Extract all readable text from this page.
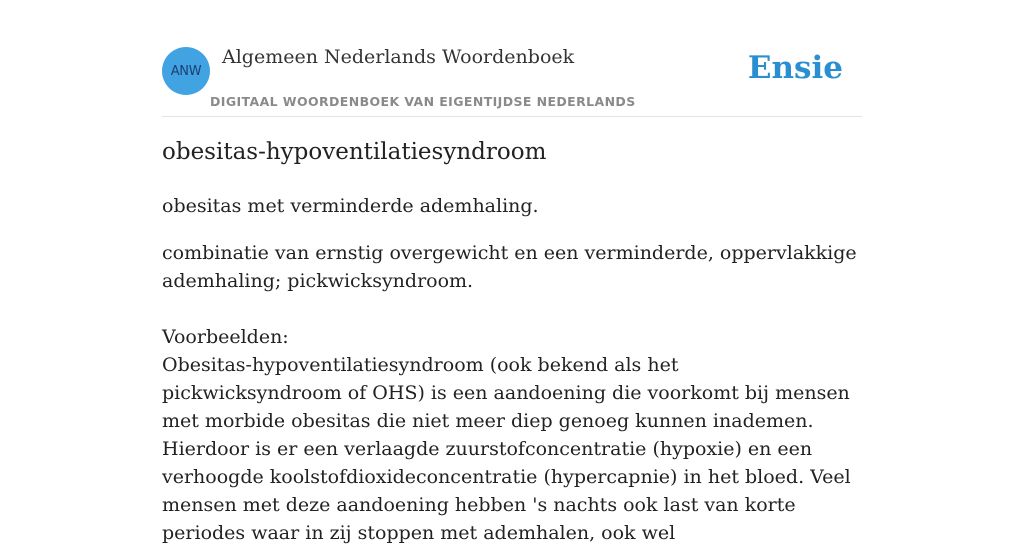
ANW
Algemeen Nederlands Woordenboek
DIGITAAL WOORDENBOEK VAN EIGENTIJDSE NEDERLANDS
Ensie
obesitas-hypoventilatiesyndroom
obesitas met verminderde ademhaling.
combinatie van ernstig overgewicht en een verminderde, oppervlakkige ademhaling; pickwicksyndroom.
Voorbeelden:
Obesitas-hypoventilatiesyndroom (ook bekend als het pickwicksyndroom of OHS) is een aandoening die voorkomt bij mensen met morbide obesitas die niet meer diep genoeg kunnen inademen. Hierdoor is er een verlaagde zuurstofconcentratie (hypoxie) en een verhoogde koolstofdioxideconcentratie (hypercapnie) in het bloed. Veel mensen met deze aandoening hebben 's nachts ook last van korte periodes waar in zij stoppen met ademhalen, ook wel
